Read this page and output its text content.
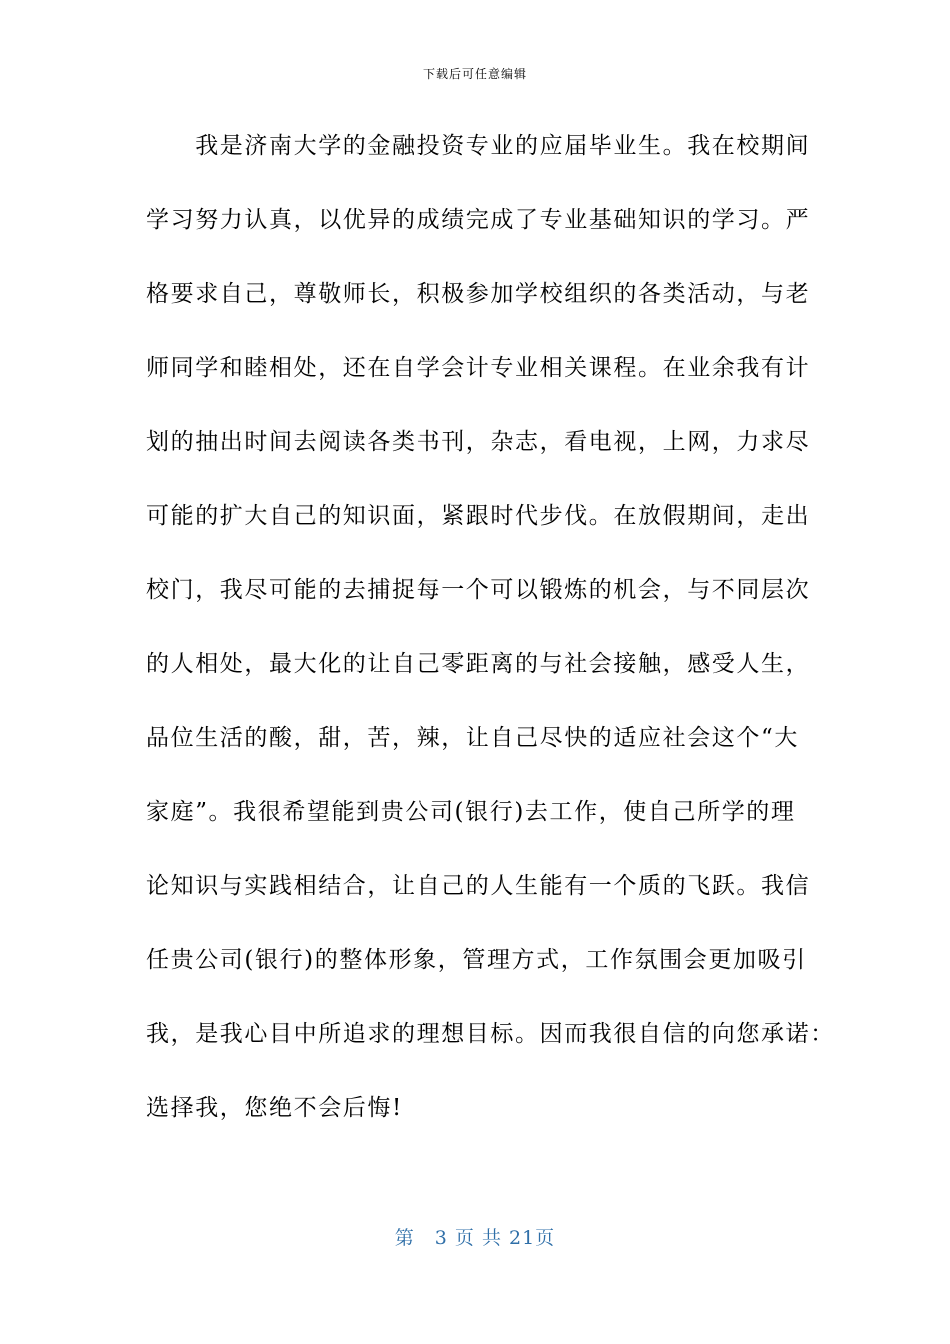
下载后可任意编辑
　　我是济南大学的金融投资专业的应届毕业生。我在校期间
学习努力认真，以优异的成绩完成了专业基础知识的学习。严
格要求自己，尊敬师长，积极参加学校组织的各类活动，与老
师同学和睦相处，还在自学会计专业相关课程。在业余我有计
划的抽出时间去阅读各类书刊，杂志，看电视，上网，力求尽
可能的扩大自己的知识面，紧跟时代步伐。在放假期间，走出
校门，我尽可能的去捕捉每一个可以锻炼的机会，与不同层次
的人相处，最大化的让自己零距离的与社会接触，感受人生，
品位生活的酸，甜，苦，辣，让自己尽快的适应社会这个“大
家庭”。我很希望能到贵公司(银行)去工作，使自己所学的理
论知识与实践相结合，让自己的人生能有一个质的飞跃。我信
任贵公司(银行)的整体形象，管理方式，工作氛围会更加吸引
我，是我心目中所追求的理想目标。因而我很自信的向您承诺：
选择我，您绝不会后悔!
第　3 页 共 21页
